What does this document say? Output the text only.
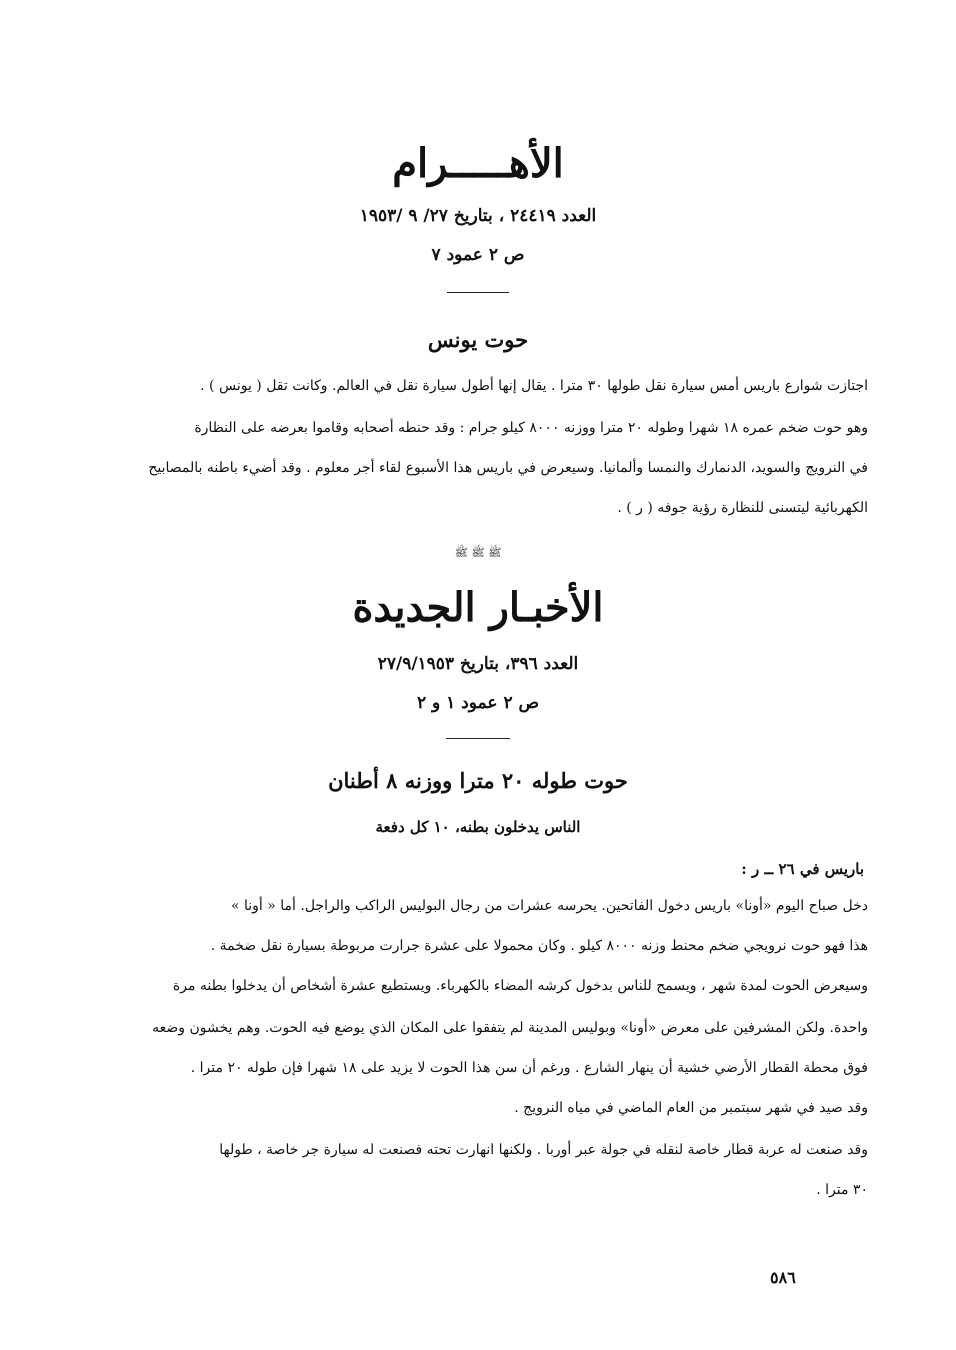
الأهـــــرام
العدد ٢٤٤١٩ ، بتاريخ ٢٧/ ٩ /١٩٥٣
ص ٢ عمود ٧
حوت يونس
اجتازت شوارع باريس أمس سيارة نقل طولها ٣٠ مترا . يقال إنها أطول سيارة نقل في العالم. وكانت تقل ( يونس ) .
وهو حوت ضخم عمره ١٨ شهرا وطوله ٢٠ مترا ووزنه ٨٠٠٠ كيلو جرام : وقد حنطه أصحابه وقاموا بعرضه على النظارة
في النرويج والسويد، الدنمارك والنمسا وألمانيا. وسيعرض في باريس هذا الأسبوع لقاء أجر معلوم . وقد أضيء باطنه بالمصابيح
الكهربائية ليتسنى للنظارة رؤية جوفه ( ر ) .
ﷺ ﷺ ﷺ
الأخبـار الجديدة
العدد ٣٩٦، بتاريخ ٢٧/٩/١٩٥٣
ص ٢ عمود ١ و ٢
حوت طوله ٢٠ مترا ووزنه ٨ أطنان
الناس يدخلون بطنه، ١٠ كل دفعة
باريس في ٢٦ ــ ر :
دخل صباح اليوم «أونا» باريس دخول الفاتحين. يحرسه عشرات من رجال البوليس الراكب والراجل. أما « أونا »
هذا فهو حوت نرويجي ضخم محنط وزنه ٨٠٠٠ كيلو . وكان محمولا على عشرة جرارت مربوطة بسيارة نقل ضخمة .
وسيعرض الحوت لمدة شهر ، ويسمح للناس بدخول كرشه المضاء بالكهرباء. ويستطيع عشرة أشخاص أن يدخلوا بطنه مرة
واحدة. ولكن المشرفين على معرض «أونا» وبوليس المدينة لم يتفقوا على المكان الذي يوضع فيه الحوت. وهم يخشون وضعه
فوق محطة القطار الأرضي خشية أن ينهار الشارع . ورغم أن سن هذا الحوت لا يزيد على ١٨ شهرا فإن طوله ٢٠ مترا .
وقد صيد في شهر سبتمبر من العام الماضي في مياه النرويج .
وقد صنعت له عربة قطار خاصة لنقله في جولة عبر أوربا . ولكنها انهارت تحته فصنعت له سيارة جر خاصة ، طولها
٣٠ مترا .
٥٨٦
